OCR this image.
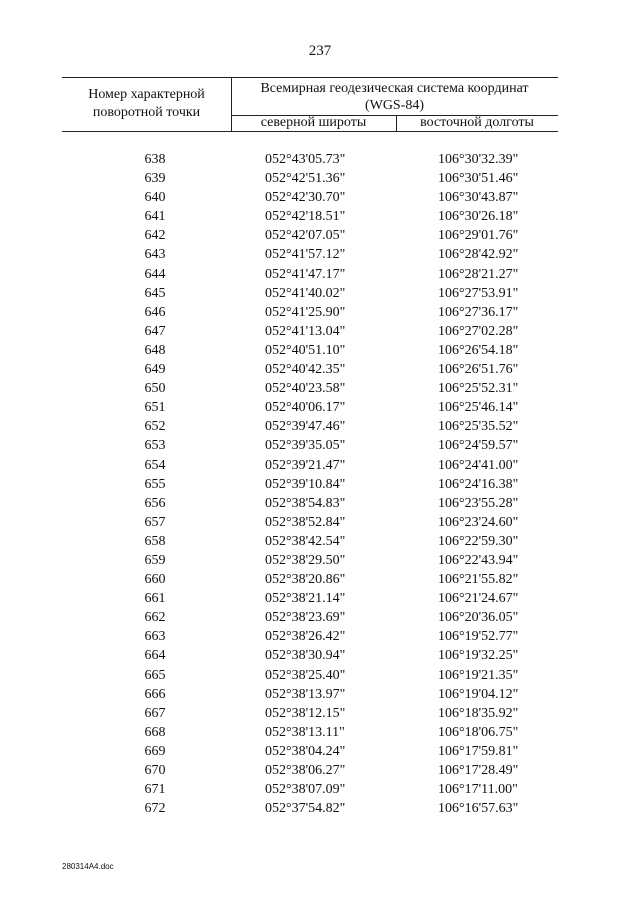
237
Номер характерной поворотной точки
Всемирная геодезическая система координат
(WGS-84)
северной широты	восточной долготы
638	052°43'05.73"	106°30'32.39"
639	052°42'51.36"	106°30'51.46"
640	052°42'30.70"	106°30'43.87"
641	052°42'18.51"	106°30'26.18"
642	052°42'07.05"	106°29'01.76"
643	052°41'57.12"	106°28'42.92"
644	052°41'47.17"	106°28'21.27"
645	052°41'40.02"	106°27'53.91"
646	052°41'25.90"	106°27'36.17"
647	052°41'13.04"	106°27'02.28"
648	052°40'51.10"	106°26'54.18"
649	052°40'42.35"	106°26'51.76"
650	052°40'23.58"	106°25'52.31"
651	052°40'06.17"	106°25'46.14"
652	052°39'47.46"	106°25'35.52"
653	052°39'35.05"	106°24'59.57"
654	052°39'21.47"	106°24'41.00"
655	052°39'10.84"	106°24'16.38"
656	052°38'54.83"	106°23'55.28"
657	052°38'52.84"	106°23'24.60"
658	052°38'42.54"	106°22'59.30"
659	052°38'29.50"	106°22'43.94"
660	052°38'20.86"	106°21'55.82"
661	052°38'21.14"	106°21'24.67"
662	052°38'23.69"	106°20'36.05"
663	052°38'26.42"	106°19'52.77"
664	052°38'30.94"	106°19'32.25"
665	052°38'25.40"	106°19'21.35"
666	052°38'13.97"	106°19'04.12"
667	052°38'12.15"	106°18'35.92"
668	052°38'13.11"	106°18'06.75"
669	052°38'04.24"	106°17'59.81"
670	052°38'06.27"	106°17'28.49"
671	052°38'07.09"	106°17'11.00"
672	052°37'54.82"	106°16'57.63"
280314A4.doc
